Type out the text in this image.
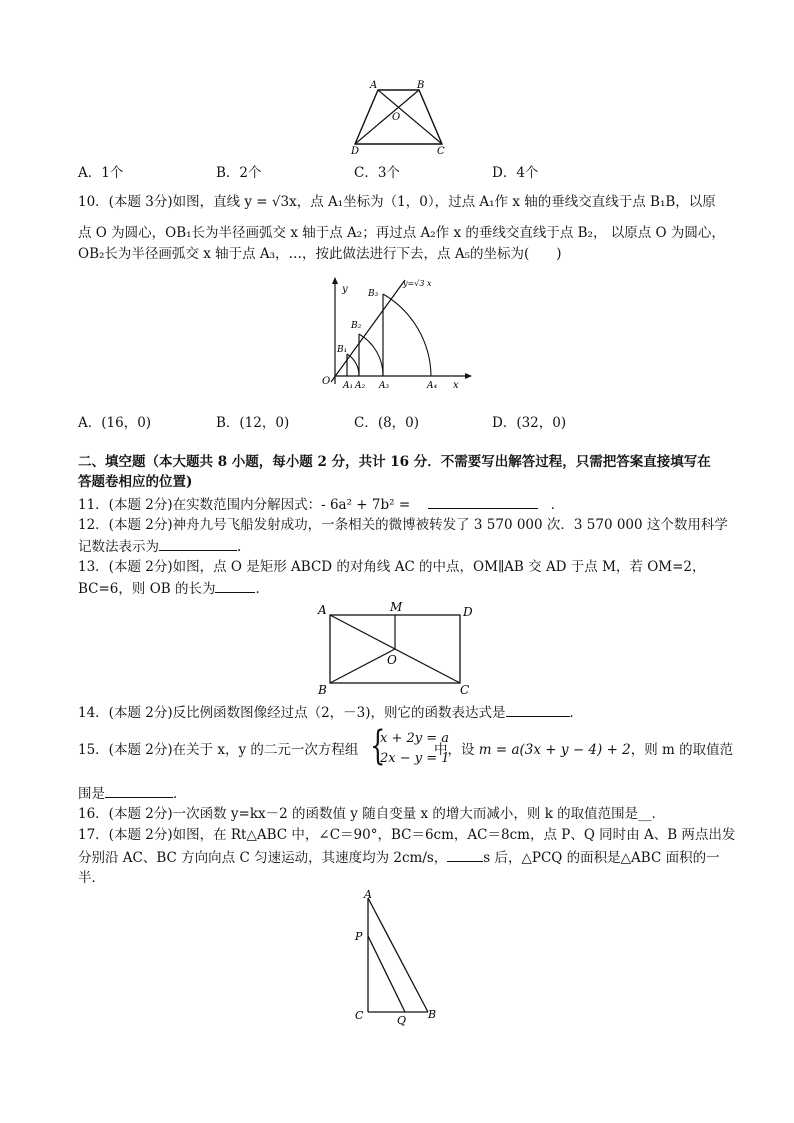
A	B
O
D	C
A．1个	B．2个	C．3个	D．4个
10．(本题 3分)如图，直线 y = √3x，点 A₁坐标为（1，0），过点 A₁作 x 轴的垂线交直线于点 B₁B，以原
点 O 为圆心，OB₁长为半径画弧交 x 轴于点 A₂；再过点 A₂作 x 的垂线交直线于点 B₂， 以原点 O 为圆心，
OB₂长为半径画弧交 x 轴于点 A₃，…，按此做法进行下去，点 A₅的坐标为(　　)
y
y=√3 x
x
O
B₁
B₂
B₃
A₁ A₂ A₃	A₄
A．(16，0)	B．(12，0)	C．(8，0)	D．(32，0)
二、填空题（本大题共 8 小题，每小题 2 分，共计 16 分．不需要写出解答过程，只需把答案直接填写在
答题卷相应的位置)
11．(本题 2分)在实数范围内分解因式：- 6a² + 7b² =	．
12．(本题 2分)神舟九号飞船发射成功，一条相关的微博被转发了 3 570 000 次．3 570 000 这个数用科学
记数法表示为	.
13．(本题 2分)如图，点 O 是矩形 ABCD 的对角线 AC 的中点，OM∥AB 交 AD 于点 M，若 OM=2，
BC=6，则 OB 的长为	．
A	M	D
O
B	C
14．(本题 2分)反比例函数图像经过点（2，－3)，则它的函数表达式是	．
15．(本题 2分)在关于 x，y 的二元一次方程组 {
x + 2y = a
2x − y = 1
中，设 m = a(3x + y − 4) + 2，则 m 的取值范
围是	．
16．(本题 2分)一次函数 y=kx－2 的函数值 y 随自变量 x 的增大而减小，则 k 的取值范围是__．
17．(本题 2分)如图，在 Rt△ABC 中，∠C＝90°，BC＝6cm，AC＝8cm，点 P、Q 同时由 A、B 两点出发
分别沿 AC、BC 方向向点 C 匀速运动，其速度均为 2cm/s，	s 后，△PCQ 的面积是△ABC 面积的一
半．
A
P
C	Q B
